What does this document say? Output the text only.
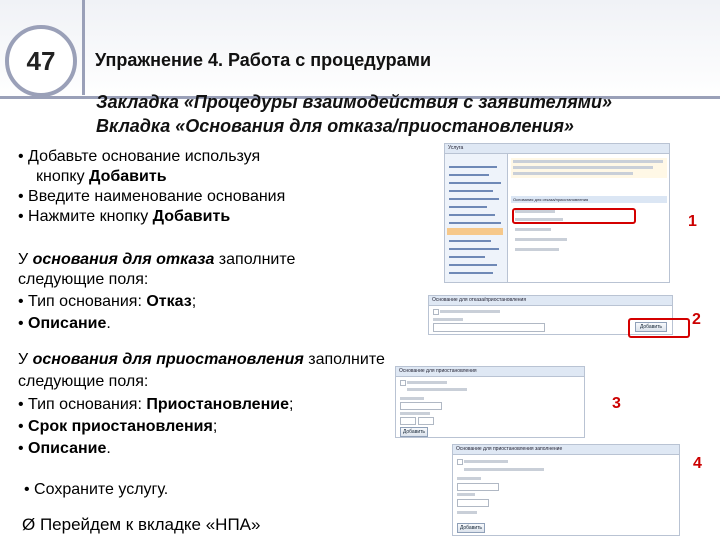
47 Упражнение 4. Работа с процедурами
Закладка «Процедуры взаимодействия с заявителями»
Вкладка «Основания для отказа/приостановления»
• Добавьте основание используя
кнопку Добавить
• Введите наименование основания
• Нажмите кнопку Добавить
У основания для отказа заполните
следующие поля:
• Тип основания: Отказ;
• Описание.
У основания для приостановления заполните
следующие поля:
• Тип основания: Приостановление;
• Срок приостановления;
• Описание.
• Сохраните услугу.
Ø Перейдем к вкладке «НПА»
Услуга
Основания для отказа/приостановления
1
Основание для отказа/приостановления
Добавить	2
Основание для приостановления
Добавить
3
Основание для приостановления заполнение
Добавить
4
